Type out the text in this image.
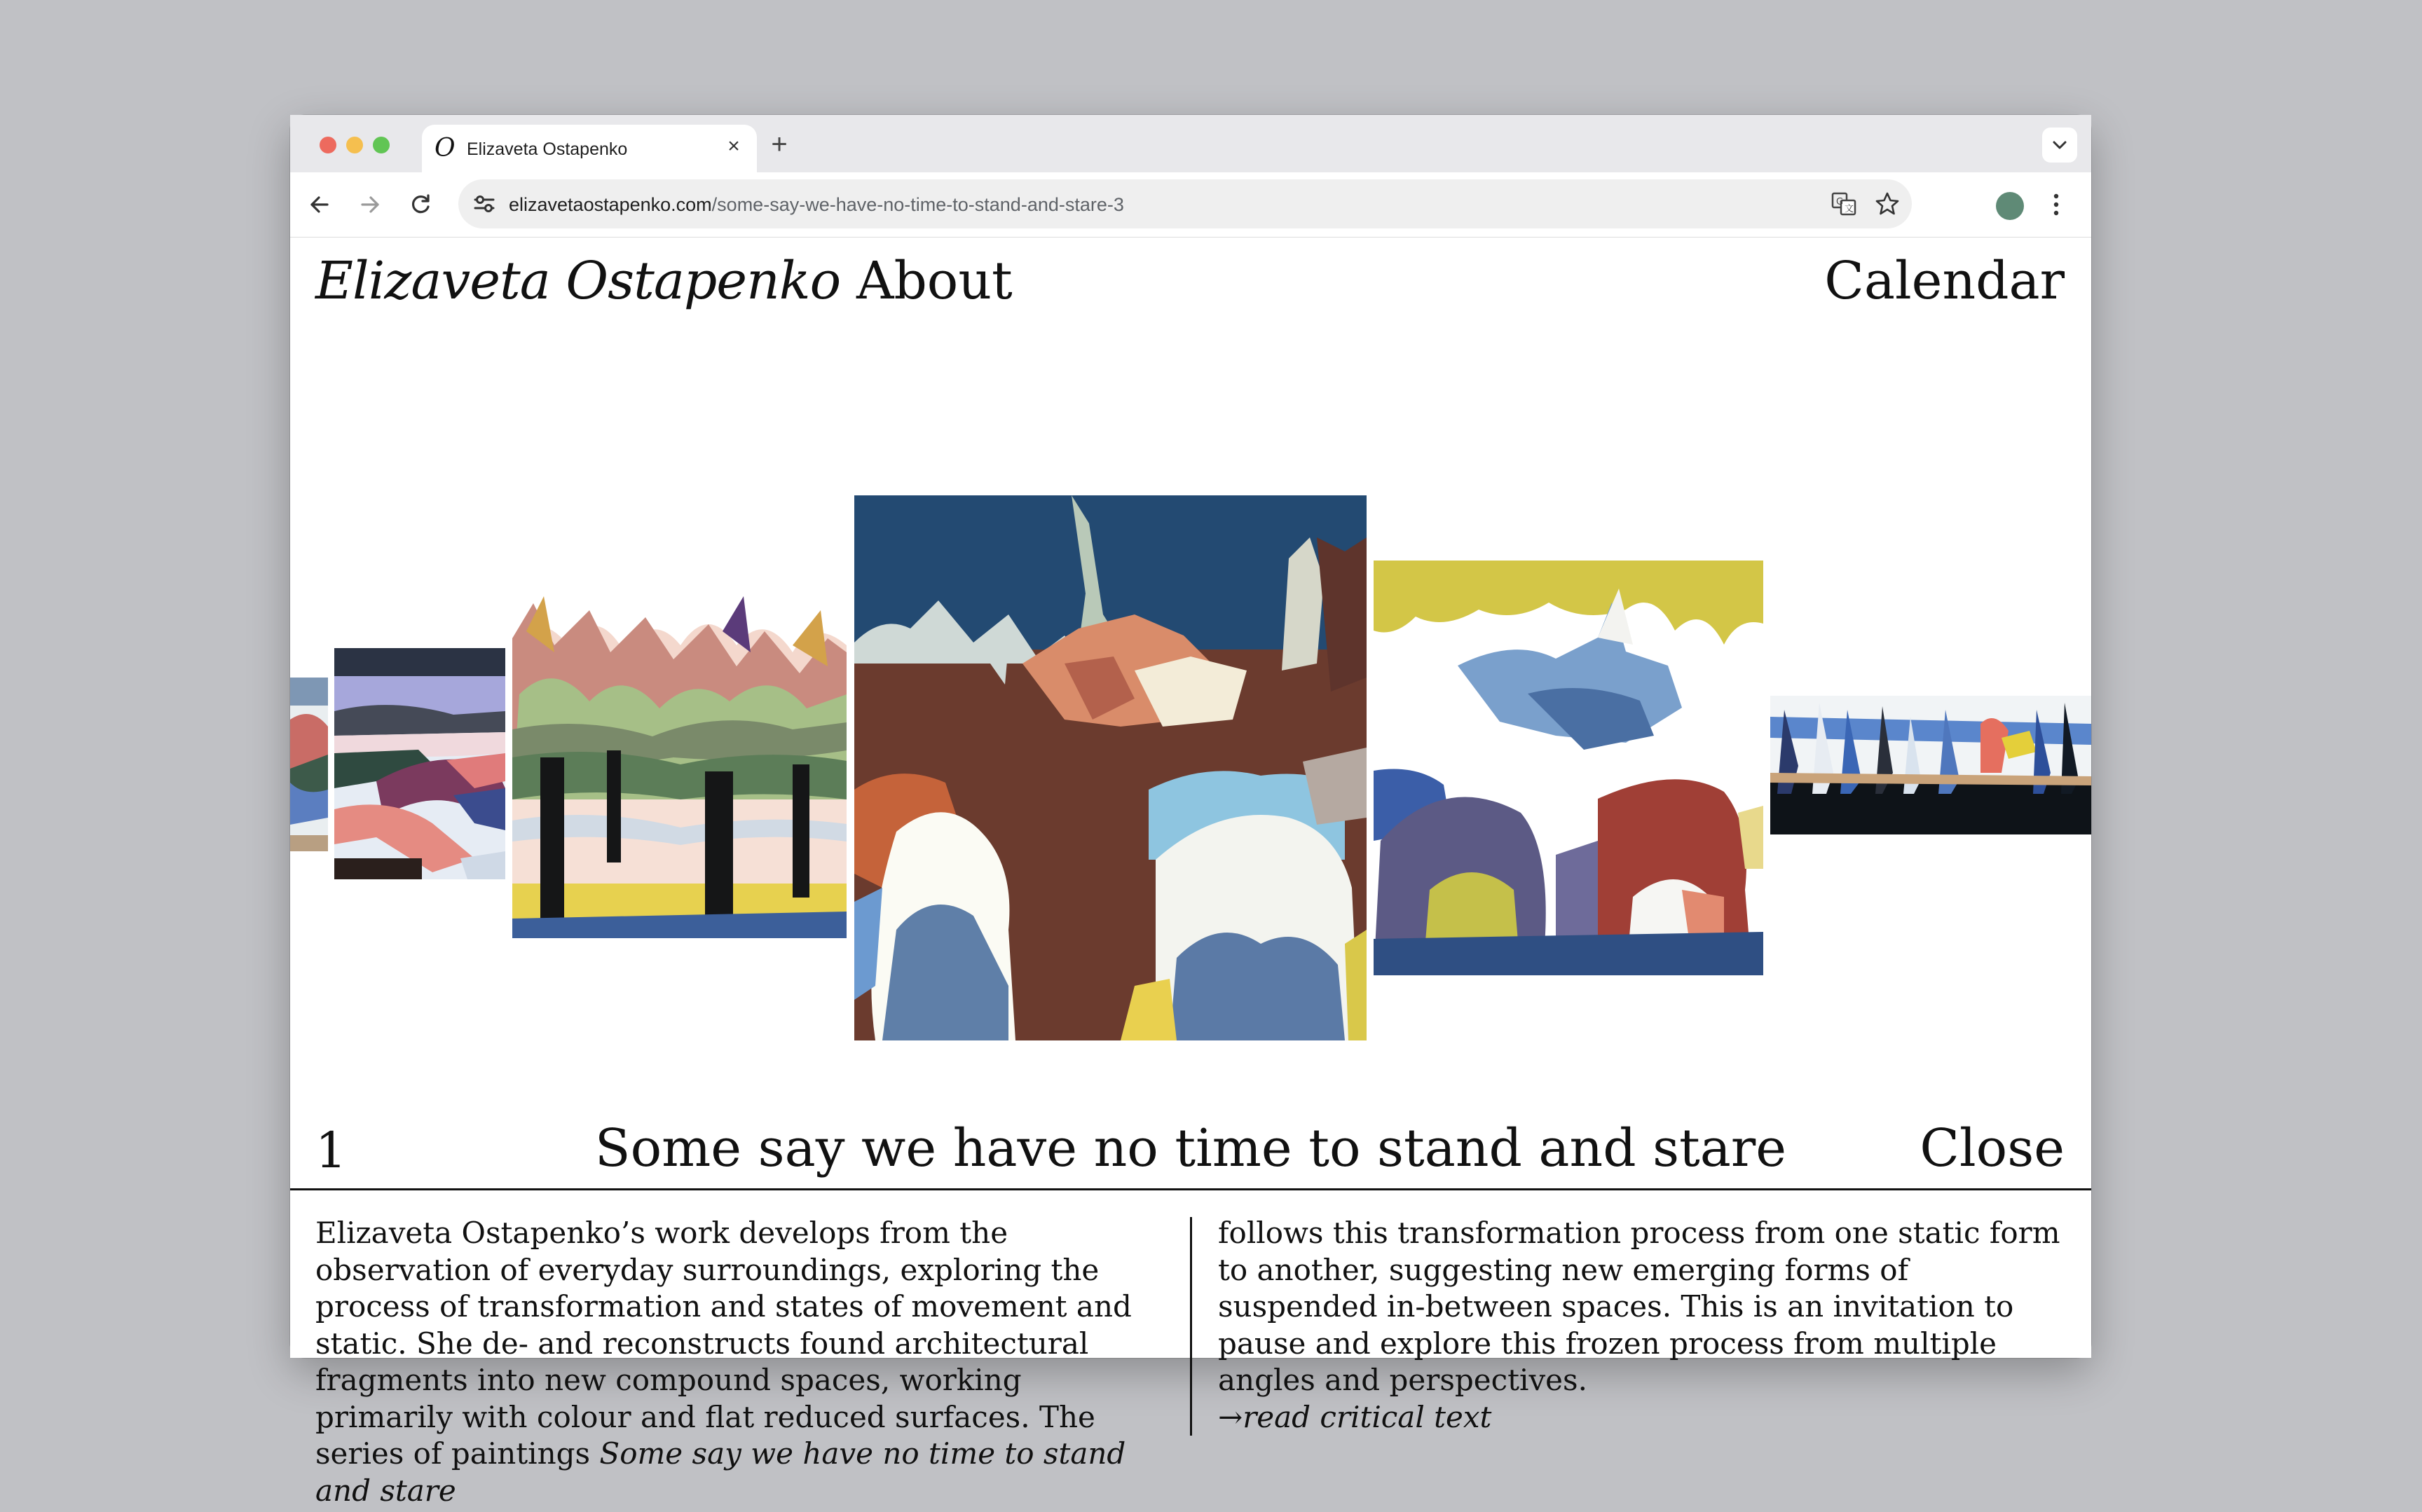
O Elizaveta Ostapenko	× +
elizavetaostapenko.com/some-say-we-have-no-time-to-stand-and-stare-3	G
文
Elizaveta Ostapenko About	Calendar
1	Some say we have no time to stand and stare	Close

Elizaveta Ostapenko’s work develops from the observation of everyday surroundings, exploring the process of transformation and states of movement and static. She de- and reconstructs found architectural fragments into new compound spaces, working primarily with colour and flat reduced surfaces. The series of paintings Some say we have no time to stand and stare

follows this transformation process from one static form to another, suggesting new emerging forms of suspended in-between spaces. This is an invitation to pause and explore this frozen process from multiple angles and perspectives.

→read critical text
